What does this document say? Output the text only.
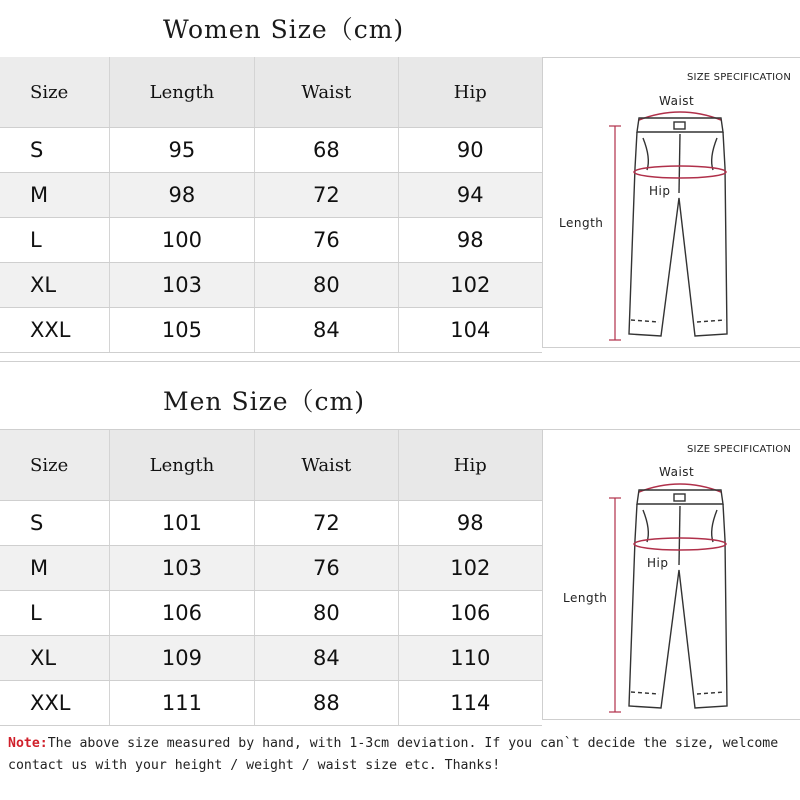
Women Size（cm)
Size	Length	Waist	Hip
S	95	68	90
M	98	72	94
L	100	76	98
XL	103	80	102
XXL	105	84	104
SIZE SPECIFICATION
Waist
Hip
Length
Men Size（cm)
Size	Length	Waist	Hip
S	101	72	98
M	103	76	102
L	106	80	106
XL	109	84	110
XXL	111	88	114
SIZE SPECIFICATION
Waist
Hip
Length
Note:The above size measured by hand, with 1-3cm deviation. If you can`t decide the size, welcome contact us with your height / weight / waist size etc. Thanks!
